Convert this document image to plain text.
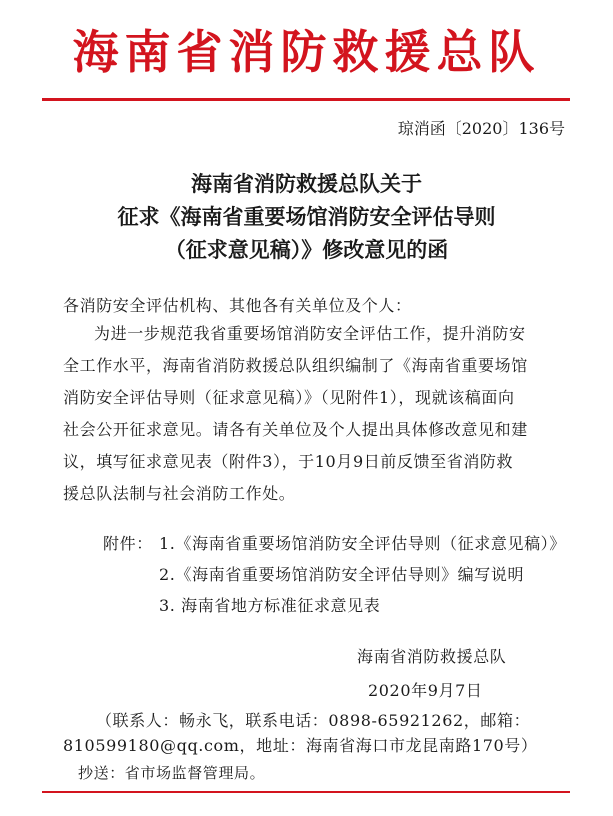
海南省消防救援总队
琼消函〔2020〕136号
海南省消防救援总队关于
征求《海南省重要场馆消防安全评估导则
（征求意见稿）》修改意见的函
各消防安全评估机构、其他各有关单位及个人：
为进一步规范我省重要场馆消防安全评估工作，提升消防安
全工作水平，海南省消防救援总队组织编制了《海南省重要场馆
消防安全评估导则（征求意见稿）》（见附件1），现就该稿面向
社会公开征求意见。请各有关单位及个人提出具体修改意见和建
议，填写征求意见表（附件3），于10月9日前反馈至省消防救
援总队法制与社会消防工作处。
附件： 1.《海南省重要场馆消防安全评估导则（征求意见稿）》
2.《海南省重要场馆消防安全评估导则》编写说明
3. 海南省地方标准征求意见表
海南省消防救援总队
2020年9月7日
（联系人：畅永飞，联系电话：0898-65921262，邮箱：
810599180@qq.com，地址：海南省海口市龙昆南路170号）
抄送：省市场监督管理局。
